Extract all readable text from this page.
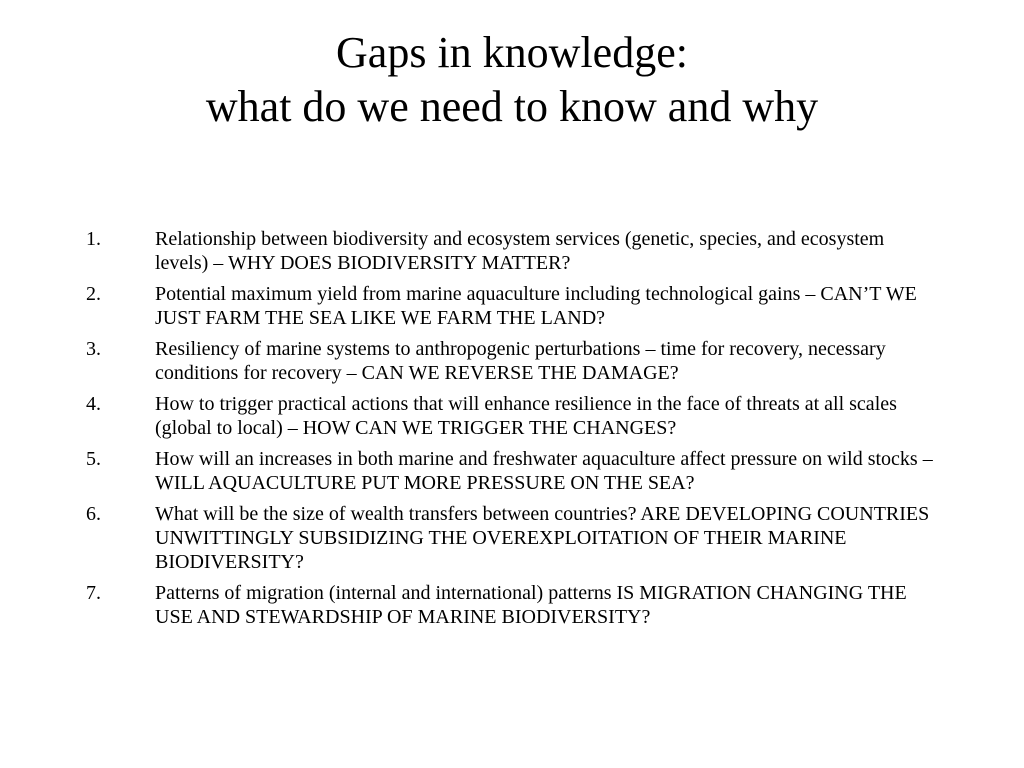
Gaps in knowledge:
what do we need to know and why
1.	Relationship between biodiversity and ecosystem services (genetic, species, and ecosystem levels) – WHY DOES BIODIVERSITY MATTER?
2.	Potential maximum yield from marine aquaculture including technological gains – CAN’T WE JUST FARM THE SEA LIKE WE FARM THE LAND?
3.	Resiliency of marine systems to anthropogenic perturbations – time for recovery, necessary conditions for recovery – CAN WE REVERSE THE DAMAGE?
4.	How to trigger practical actions that will enhance resilience in the face of threats at all scales (global to local) – HOW CAN WE TRIGGER THE CHANGES?
5.	How will an increases in both marine and freshwater aquaculture affect pressure on wild stocks – WILL AQUACULTURE PUT MORE PRESSURE ON THE SEA?
6.	What will be the size of wealth transfers between countries? ARE DEVELOPING COUNTRIES UNWITTINGLY SUBSIDIZING THE OVEREXPLOITATION OF THEIR MARINE BIODIVERSITY?
7.	Patterns of migration (internal and international) patterns IS MIGRATION CHANGING THE USE AND STEWARDSHIP OF MARINE BIODIVERSITY?
